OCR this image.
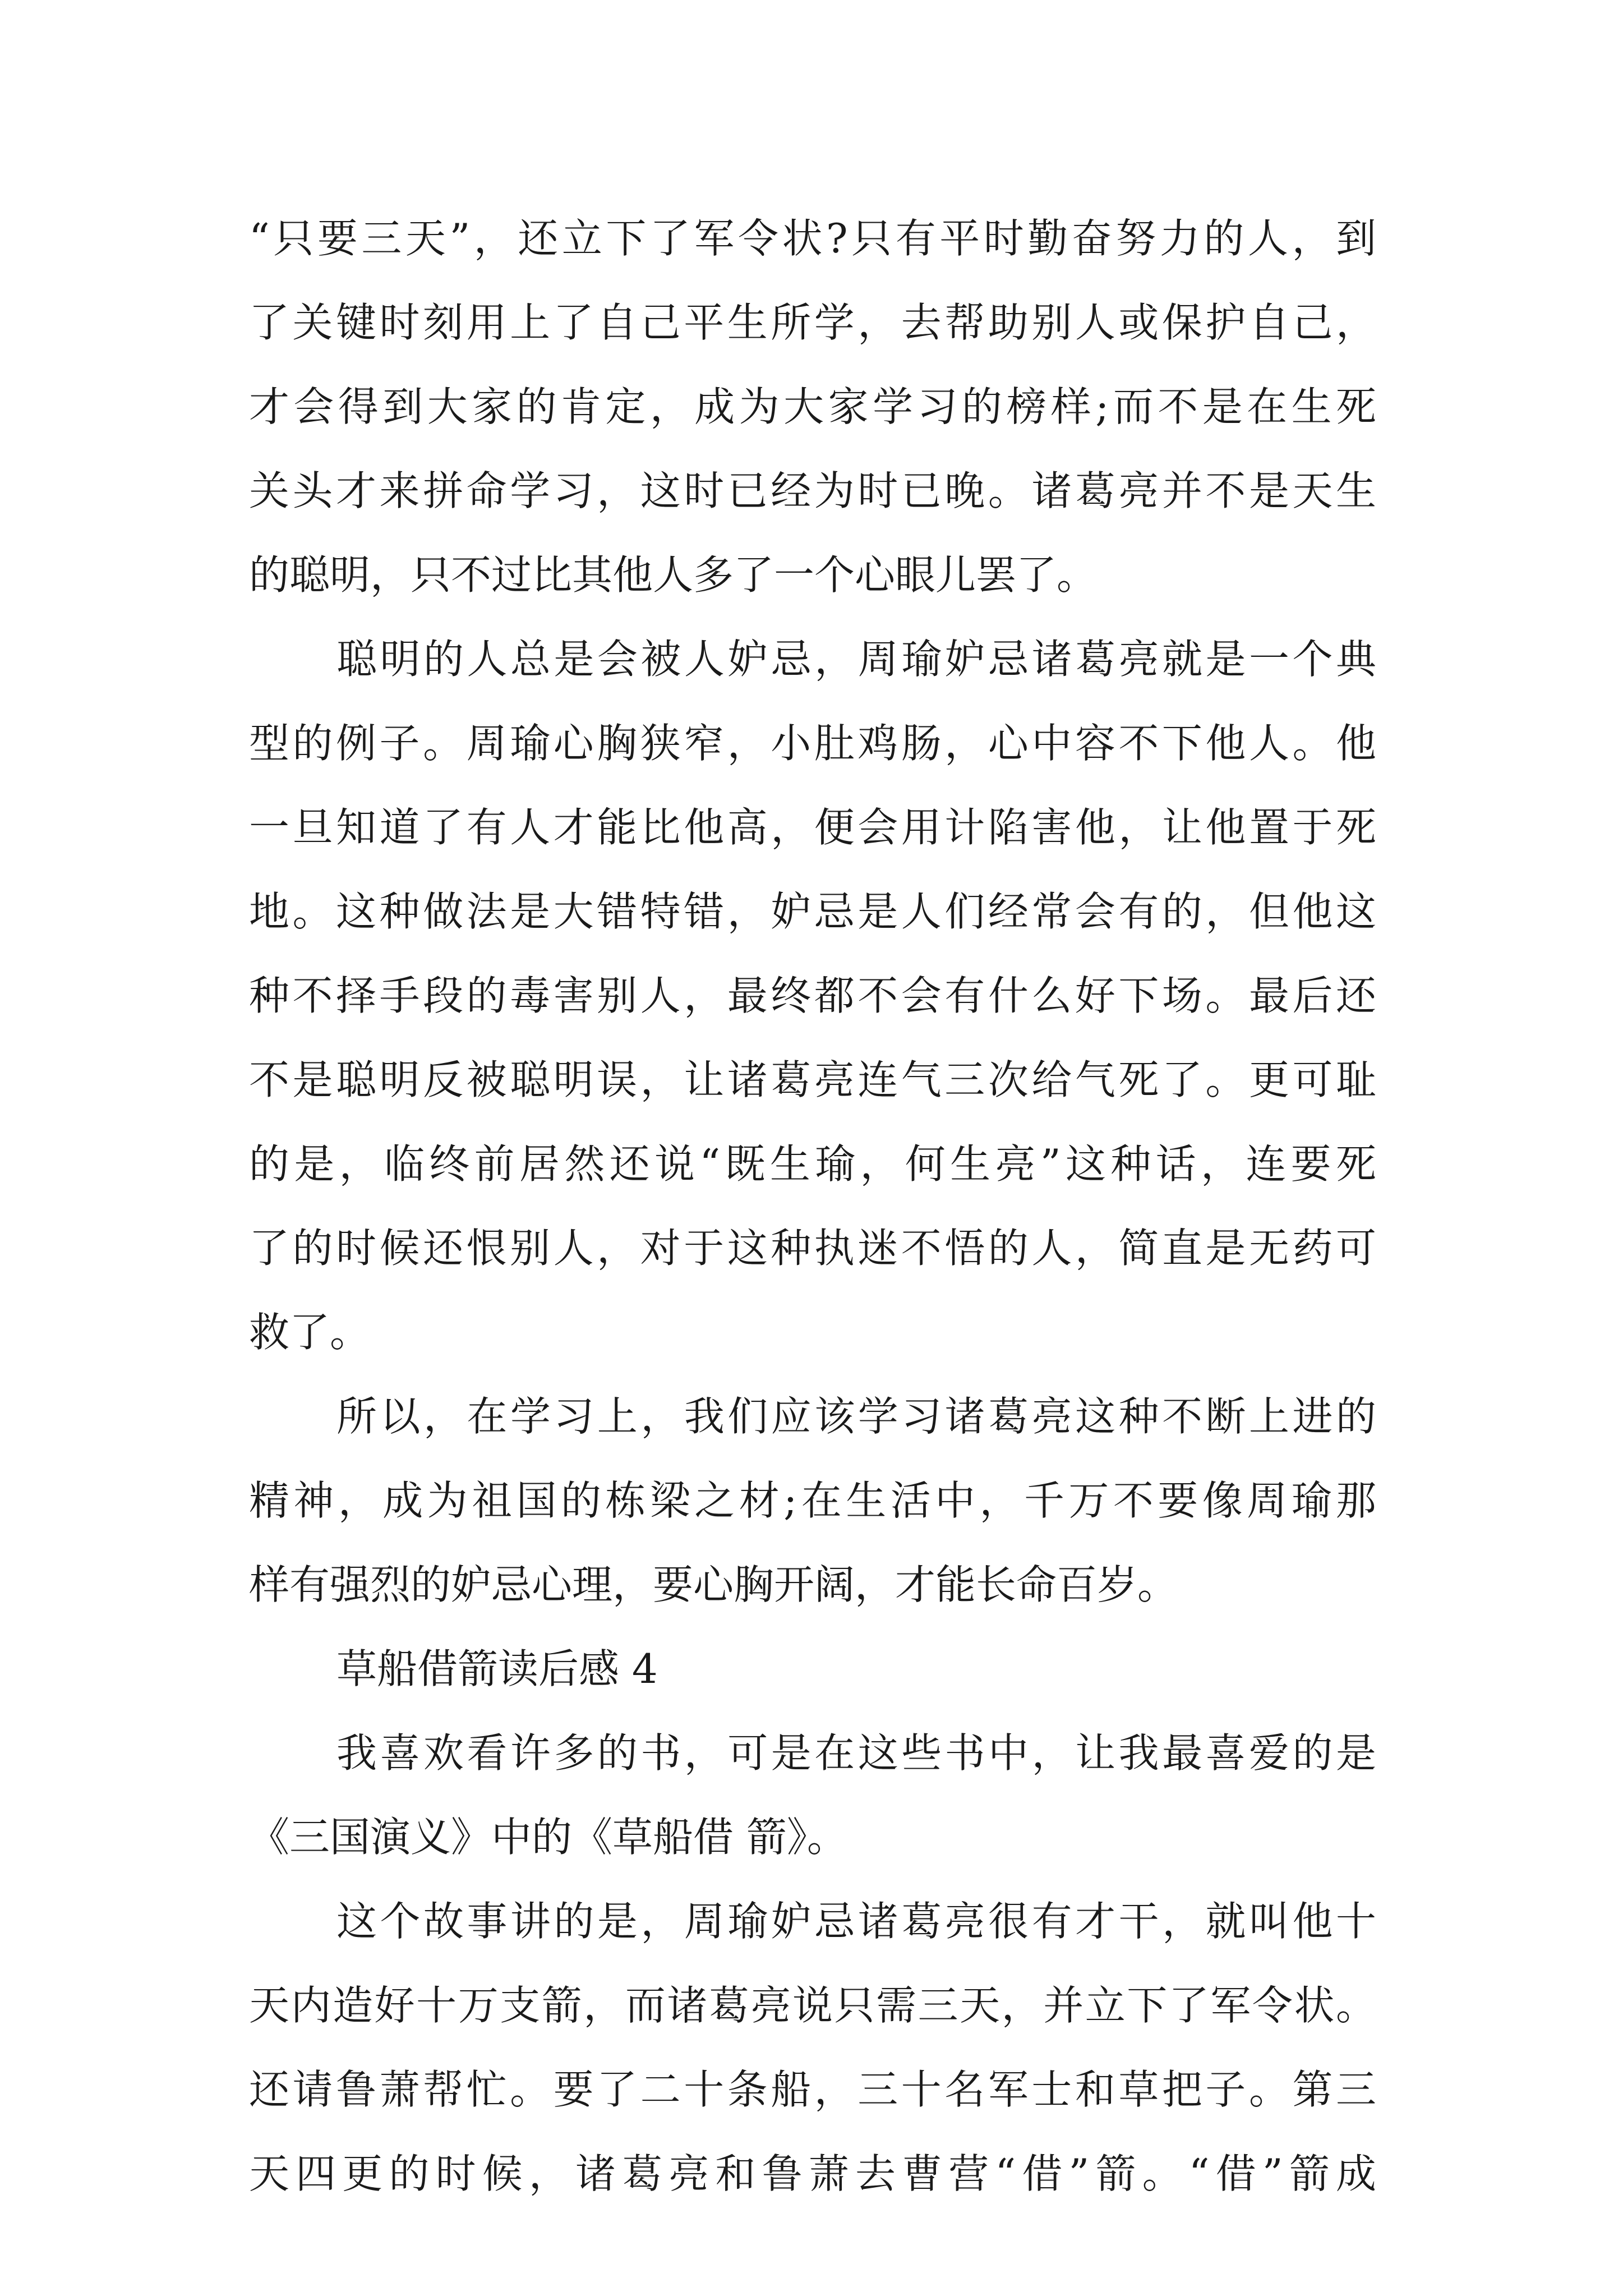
“只要三天”，还立下了军令状?只有平时勤奋努力的人，到
了关键时刻用上了自己平生所学，去帮助别人或保护自己，
才会得到大家的肯定，成为大家学习的榜样;而不是在生死
关头才来拼命学习，这时已经为时已晚。诸葛亮并不是天生
的聪明，只不过比其他人多了一个心眼儿罢了。
聪明的人总是会被人妒忌，周瑜妒忌诸葛亮就是一个典
型的例子。周瑜心胸狭窄，小肚鸡肠，心中容不下他人。他
一旦知道了有人才能比他高，便会用计陷害他，让他置于死
地。这种做法是大错特错，妒忌是人们经常会有的，但他这
种不择手段的毒害别人，最终都不会有什么好下场。最后还
不是聪明反被聪明误，让诸葛亮连气三次给气死了。更可耻
的是，临终前居然还说“既生瑜，何生亮”这种话，连要死
了的时候还恨别人，对于这种执迷不悟的人，简直是无药可
救了。
所以，在学习上，我们应该学习诸葛亮这种不断上进的
精神，成为祖国的栋梁之材;在生活中，千万不要像周瑜那
样有强烈的妒忌心理，要心胸开阔，才能长命百岁。
草船借箭读后感 4
我喜欢看许多的书，可是在这些书中，让我最喜爱的是
《三国演义》中的《草船借 箭》。
这个故事讲的是，周瑜妒忌诸葛亮很有才干，就叫他十
天内造好十万支箭，而诸葛亮说只需三天，并立下了军令状。
还请鲁萧帮忙。要了二十条船，三十名军士和草把子。第三
天四更的时候，诸葛亮和鲁萧去曹营“借”箭。“借”箭成
